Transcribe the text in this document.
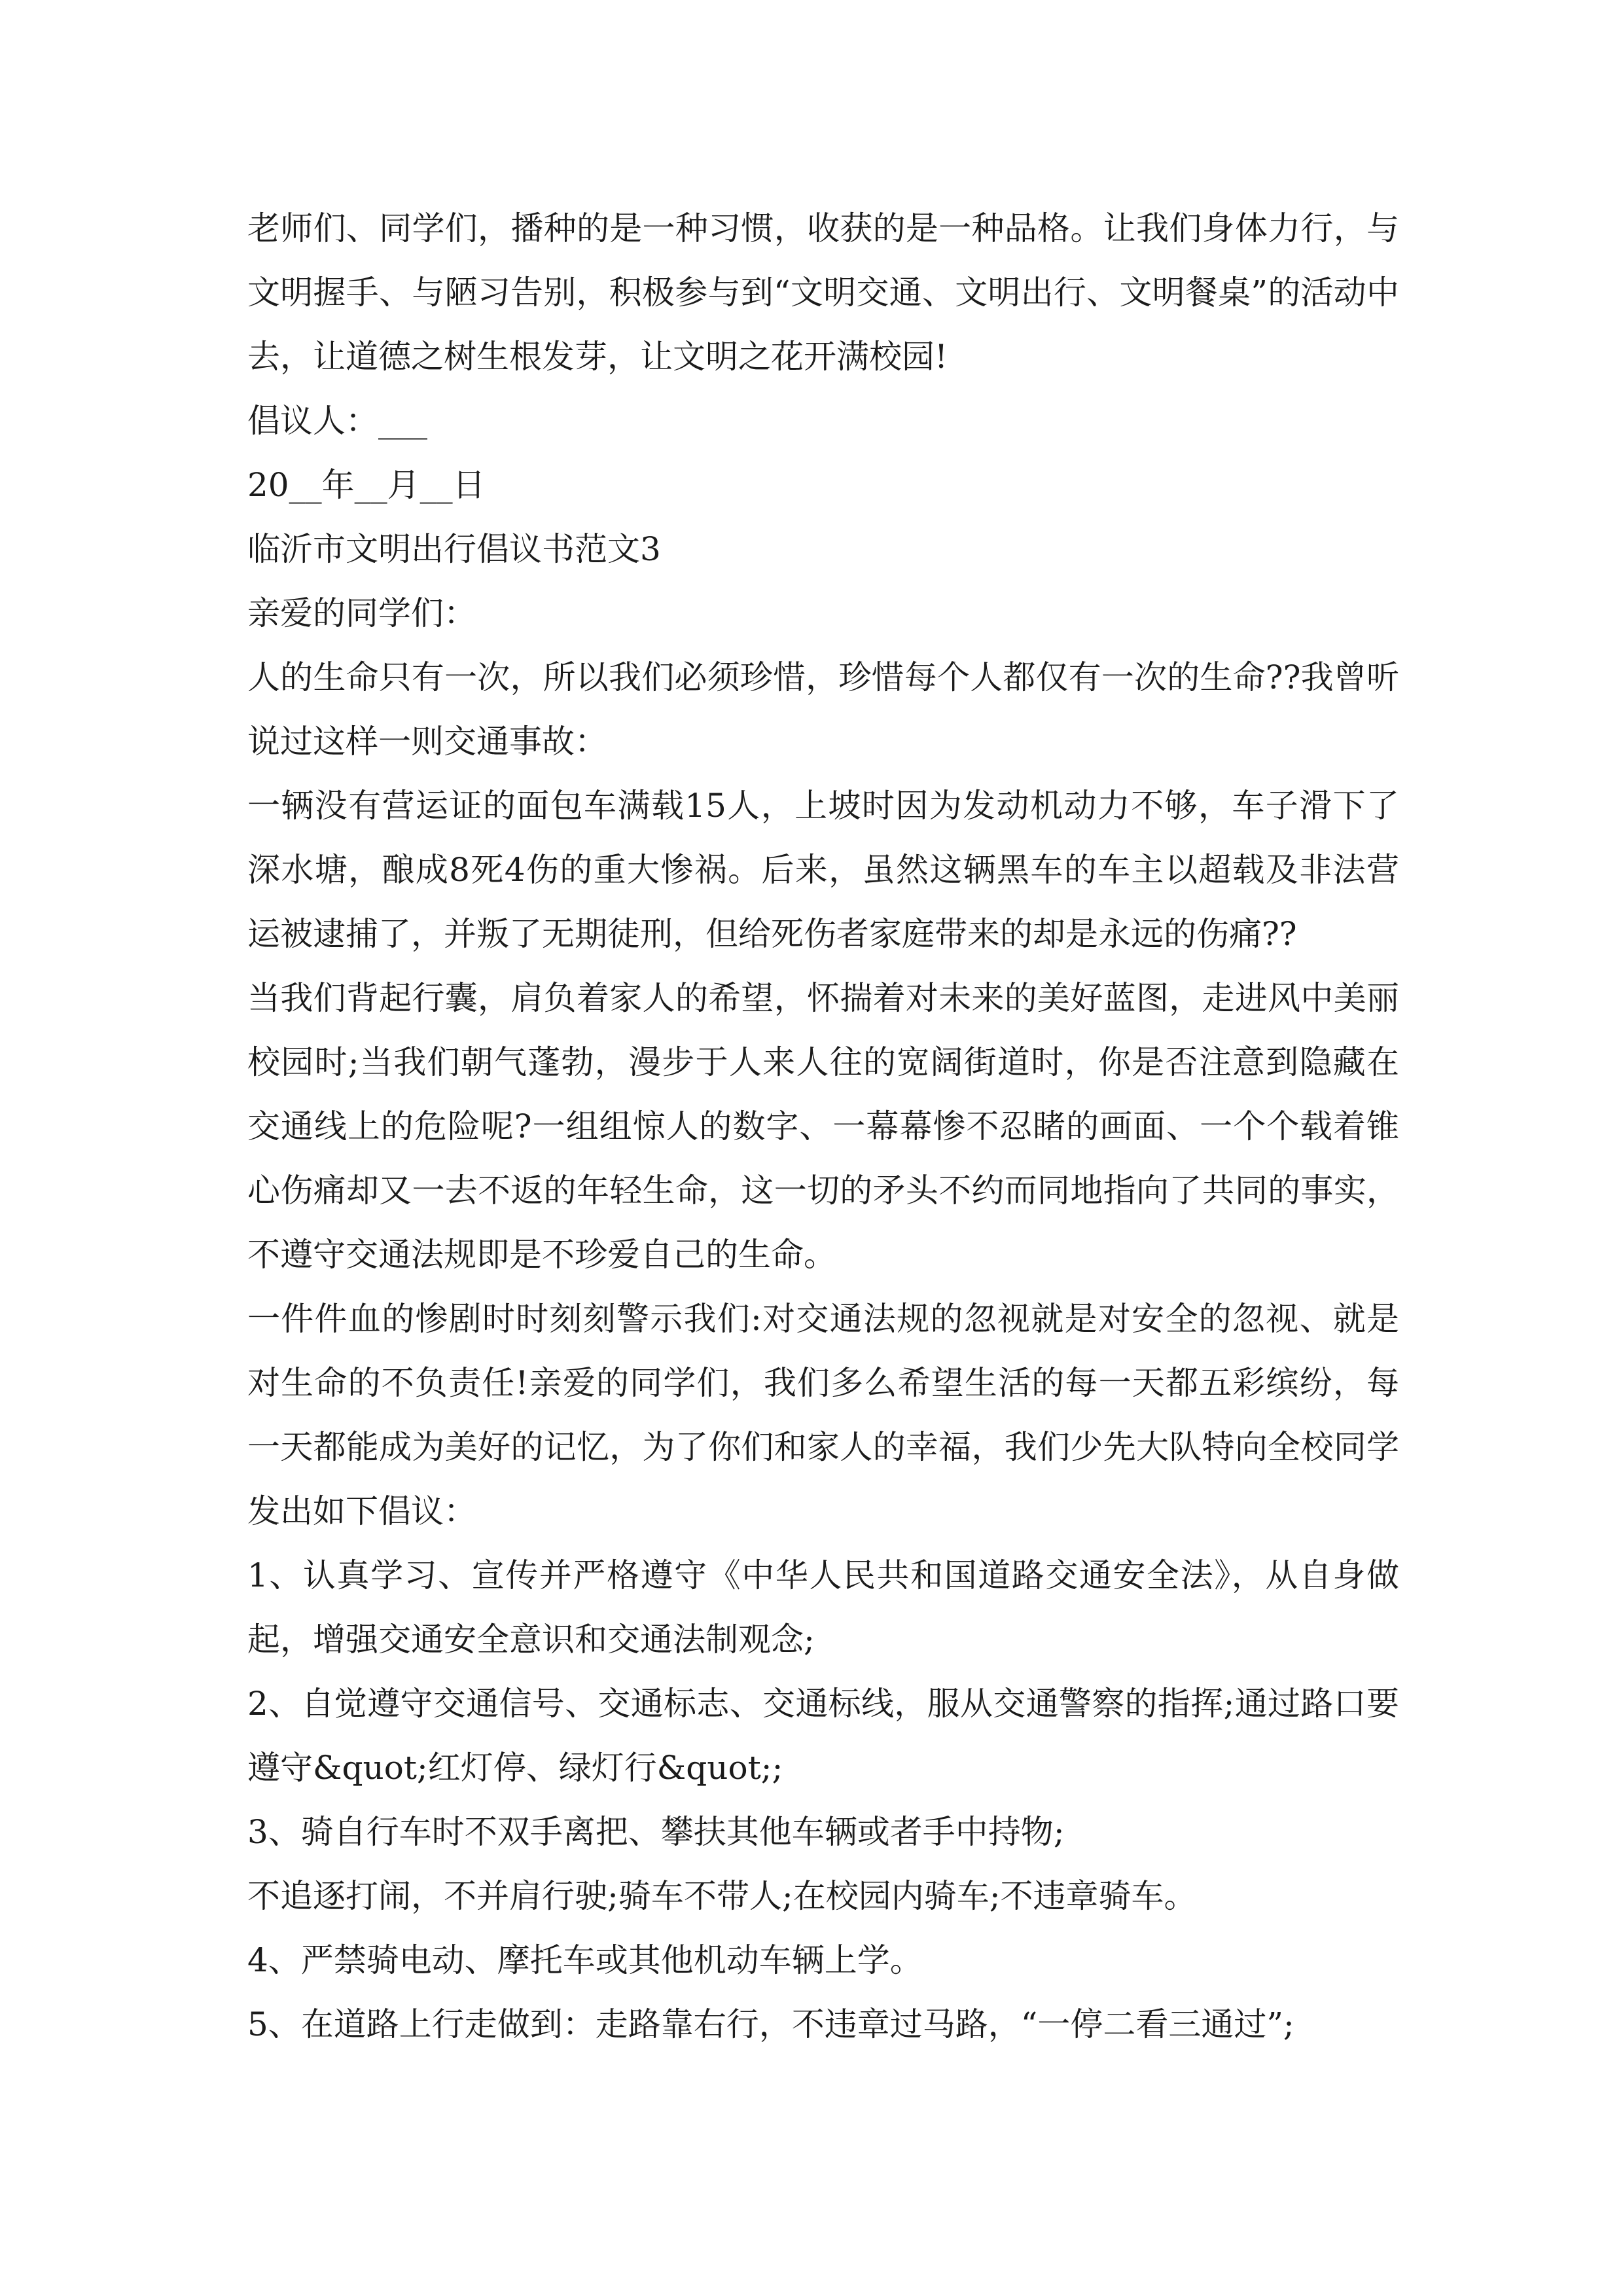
老师们、同学们，播种的是一种习惯，收获的是一种品格。让我们身体力行，与文明握手、与陋习告别，积极参与到“文明交通、文明出行、文明餐桌”的活动中去，让道德之树生根发芽，让文明之花开满校园!

倡议人：___

20__年__月__日

临沂市文明出行倡议书范文3

亲爱的同学们：

人的生命只有一次，所以我们必须珍惜，珍惜每个人都仅有一次的生命??我曾听说过这样一则交通事故：

一辆没有营运证的面包车满载15人，上坡时因为发动机动力不够，车子滑下了深水塘，酿成8死4伤的重大惨祸。后来，虽然这辆黑车的车主以超载及非法营运被逮捕了，并叛了无期徒刑，但给死伤者家庭带来的却是永远的伤痛??

当我们背起行囊，肩负着家人的希望，怀揣着对未来的美好蓝图，走进风中美丽校园时;当我们朝气蓬勃，漫步于人来人往的宽阔街道时，你是否注意到隐藏在交通线上的危险呢?一组组惊人的数字、一幕幕惨不忍睹的画面、一个个载着锥心伤痛却又一去不返的年轻生命，这一切的矛头不约而同地指向了共同的事实，不遵守交通法规即是不珍爱自己的生命。

一件件血的惨剧时时刻刻警示我们:对交通法规的忽视就是对安全的忽视、就是对生命的不负责任!亲爱的同学们，我们多么希望生活的每一天都五彩缤纷，每一天都能成为美好的记忆，为了你们和家人的幸福，我们少先大队特向全校同学发出如下倡议：

1、认真学习、宣传并严格遵守《中华人民共和国道路交通安全法》，从自身做起，增强交通安全意识和交通法制观念;

2、自觉遵守交通信号、交通标志、交通标线，服从交通警察的指挥;通过路口要遵守&quot;红灯停、绿灯行&quot;;

3、骑自行车时不双手离把、攀扶其他车辆或者手中持物;

不追逐打闹，不并肩行驶;骑车不带人;在校园内骑车;不违章骑车。

4、严禁骑电动、摩托车或其他机动车辆上学。

5、在道路上行走做到：走路靠右行，不违章过马路，“一停二看三通过”;
